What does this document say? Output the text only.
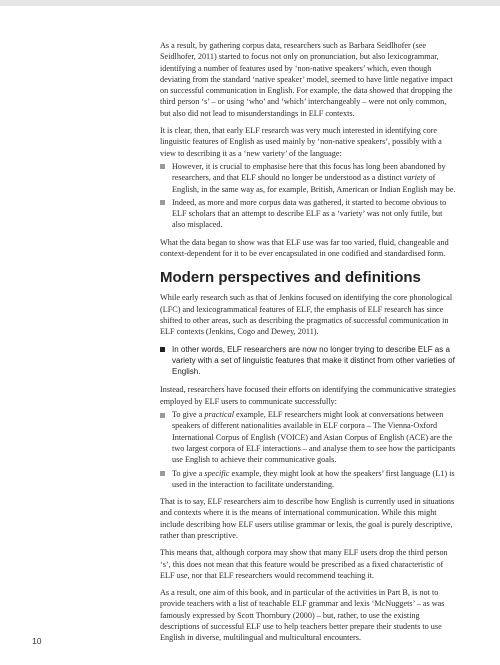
As a result, by gathering corpus data, researchers such as Barbara Seidlhofer (see Seidlhofer, 2011) started to focus not only on pronunciation, but also lexicogrammar, identifying a number of features used by ‘non-native speakers’ which, even though deviating from the standard ‘native speaker’ model, seemed to have little negative impact on successful communication in English. For example, the data showed that dropping the third person ‘s’ – or using ‘who’ and ‘which’ interchangeably – were not only common, but also did not lead to misunderstandings in ELF contexts.

It is clear, then, that early ELF research was very much interested in identifying core linguistic features of English as used mainly by ‘non-native speakers’, possibly with a view to describing it as a ‘new variety’ of the language:

However, it is crucial to emphasise here that this focus has long been abandoned by researchers, and that ELF should no longer be understood as a distinct variety of English, in the same way as, for example, British, American or Indian English may be.
Indeed, as more and more corpus data was gathered, it started to become obvious to ELF scholars that an attempt to describe ELF as a ‘variety’ was not only futile, but also misplaced.

What the data began to show was that ELF use was far too varied, fluid, changeable and context-dependent for it to be ever encapsulated in one codified and standardised form.

Modern perspectives and definitions

While early research such as that of Jenkins focused on identifying the core phonological (LFC) and lexicogrammatical features of ELF, the emphasis of ELF research has since shifted to other areas, such as describing the pragmatics of successful communication in ELF contexts (Jenkins, Cogo and Dewey, 2011).

In other words, ELF researchers are now no longer trying to describe ELF as a variety with a set of linguistic features that make it distinct from other varieties of English.

Instead, researchers have focused their efforts on identifying the communicative strategies employed by ELF users to communicate successfully:

To give a practical example, ELF researchers might look at conversations between speakers of different nationalities available in ELF corpora – The Vienna-Oxford International Corpus of English (VOICE) and Asian Corpus of English (ACE) are the two largest corpora of ELF interactions – and analyse them to see how the participants use English to achieve their communicative goals.
To give a specific example, they might look at how the speakers’ first language (L1) is used in the interaction to facilitate understanding.

That is to say, ELF researchers aim to describe how English is currently used in situations and contexts where it is the means of international communication. While this might include describing how ELF users utilise grammar or lexis, the goal is purely descriptive, rather than prescriptive.

This means that, although corpora may show that many ELF users drop the third person ‘s’, this does not mean that this feature would be prescribed as a fixed characteristic of ELF use, nor that ELF researchers would recommend teaching it.

As a result, one aim of this book, and in particular of the activities in Part B, is not to provide teachers with a list of teachable ELF grammar and lexis ‘McNuggets’ – as was famously expressed by Scott Thornbury (2000) – but, rather, to use the existing descriptions of successful ELF use to help teachers better prepare their students to use English in diverse, multilingual and multicultural encounters.

10
